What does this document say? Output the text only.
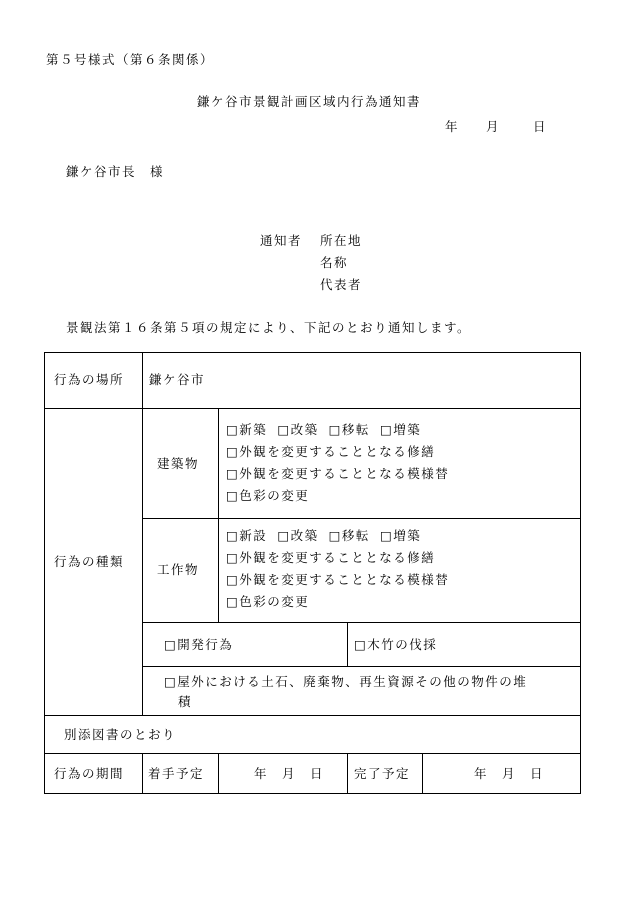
第５号様式（第６条関係）
鎌ケ谷市景観計画区域内行為通知書
年 月	日
鎌ケ谷市長　様
通知者 所在地
名称
代表者
景観法第１６条第５項の規定により、下記のとおり通知します。
行為の場所 鎌ケ谷市
行為の種類
建築物
□新築 □改築 □移転 □増築
□外観を変更することとなる修繕
□外観を変更することとなる模様替
□色彩の変更
工作物
□新設 □改築 □移転 □増築
□外観を変更することとなる修繕
□外観を変更することとなる模様替
□色彩の変更
□開発行為	□木竹の伐採
□屋外における土石、廃棄物、再生資源その他の物件の堆
積
別添図書のとおり
行為の期間 着手予定	年　月　日 完了予定	年　月　日
